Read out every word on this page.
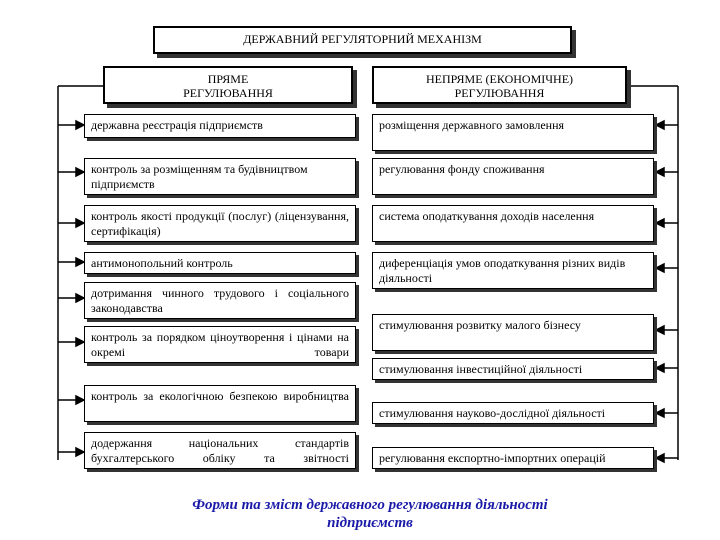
ДЕРЖАВНИЙ РЕГУЛЯТОРНИЙ МЕХАНІЗМ
ПРЯМЕ
РЕГУЛЮВАННЯ
НЕПРЯМЕ (ЕКОНОМІЧНЕ)
РЕГУЛЮВАННЯ
державна реєстрація підприємств
контроль за розміщенням та будівництвом підприємств
контроль якості продукції (послуг) (ліцензування, сертифікація)
антимонопольний контроль
дотримання чинного трудового і соціального законодавства
контроль за порядком ціноутворення і цінами на окремі товари
контроль за екологічною безпекою виробництва
додержання національних стандартів бухгалтерського обліку та звітності
розміщення державного замовлення
регулювання фонду споживання
система оподаткування доходів населення
диференціація умов оподаткування різних видів діяльності
стимулювання розвитку малого бізнесу
стимулювання інвестиційної діяльності
стимулювання науково-дослідної діяльності
регулювання експортно-імпортних операцій
Форми та зміст державного регулювання діяльності
підприємств
